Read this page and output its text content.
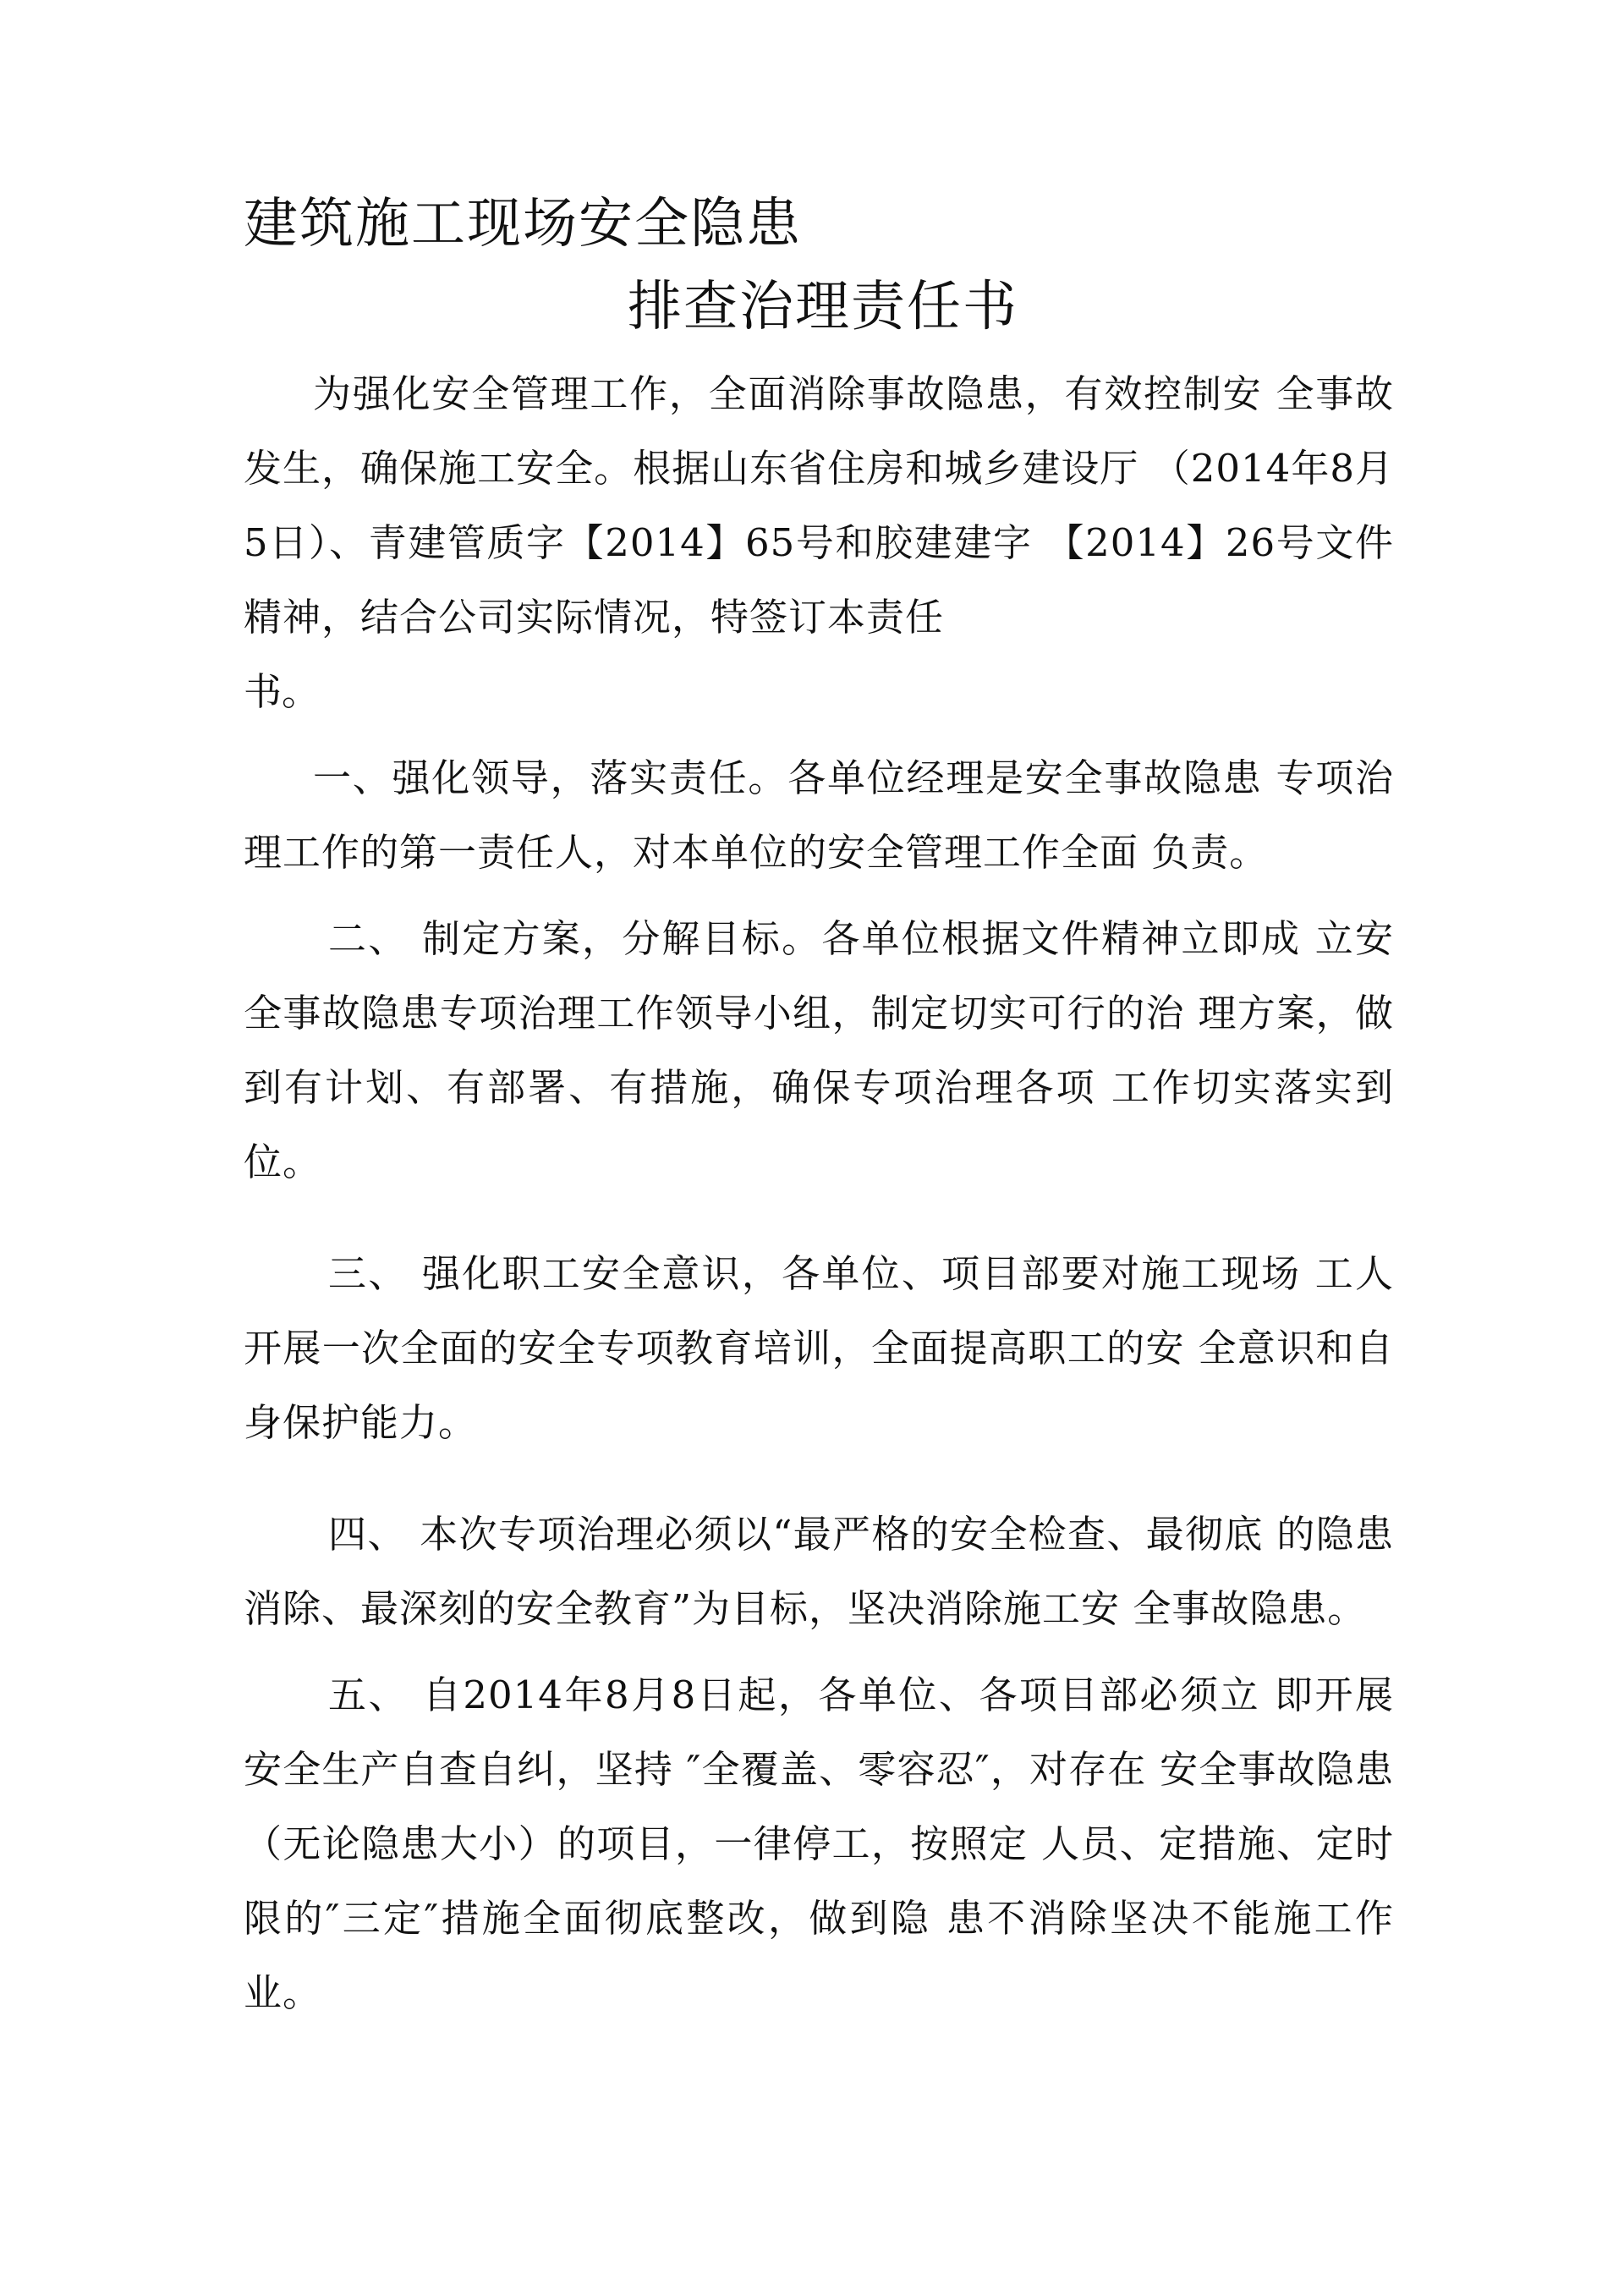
建筑施工现场安全隐患
排查治理责任书

为强化安全管理工作，全面消除事故隐患，有效控制安 全事故发生，确保施工安全。根据山东省住房和城乡建设厅 （2014年8月5日）、青建管质字【2014】65号和胶建建字 【2014】26号文件精神，结合公司实际情况，特签订本责任

书。

一、强化领导，落实责任。各单位经理是安全事故隐患 专项治理工作的第一责任人，对本单位的安全管理工作全面 负责。

二、 制定方案，分解目标。各单位根据文件精神立即成 立安全事故隐患专项治理工作领导小组，制定切实可行的治 理方案，做到有计划、有部署、有措施，确保专项治理各项 工作切实落实到位。

三、 强化职工安全意识，各单位、项目部要对施工现场 工人开展一次全面的安全专项教育培训，全面提高职工的安 全意识和自身保护能力。

四、 本次专项治理必须以“最严格的安全检查、最彻底 的隐患消除、最深刻的安全教育”为目标，坚决消除施工安 全事故隐患。

五、 自2014年8月8日起，各单位、各项目部必须立 即开展安全生产自查自纠，坚持 ″全覆盖、零容忍″，对存在 安全事故隐患（无论隐患大小）的项目，一律停工，按照定 人员、定措施、定时限的″三定″措施全面彻底整改，做到隐 患不消除坚决不能施工作业。
